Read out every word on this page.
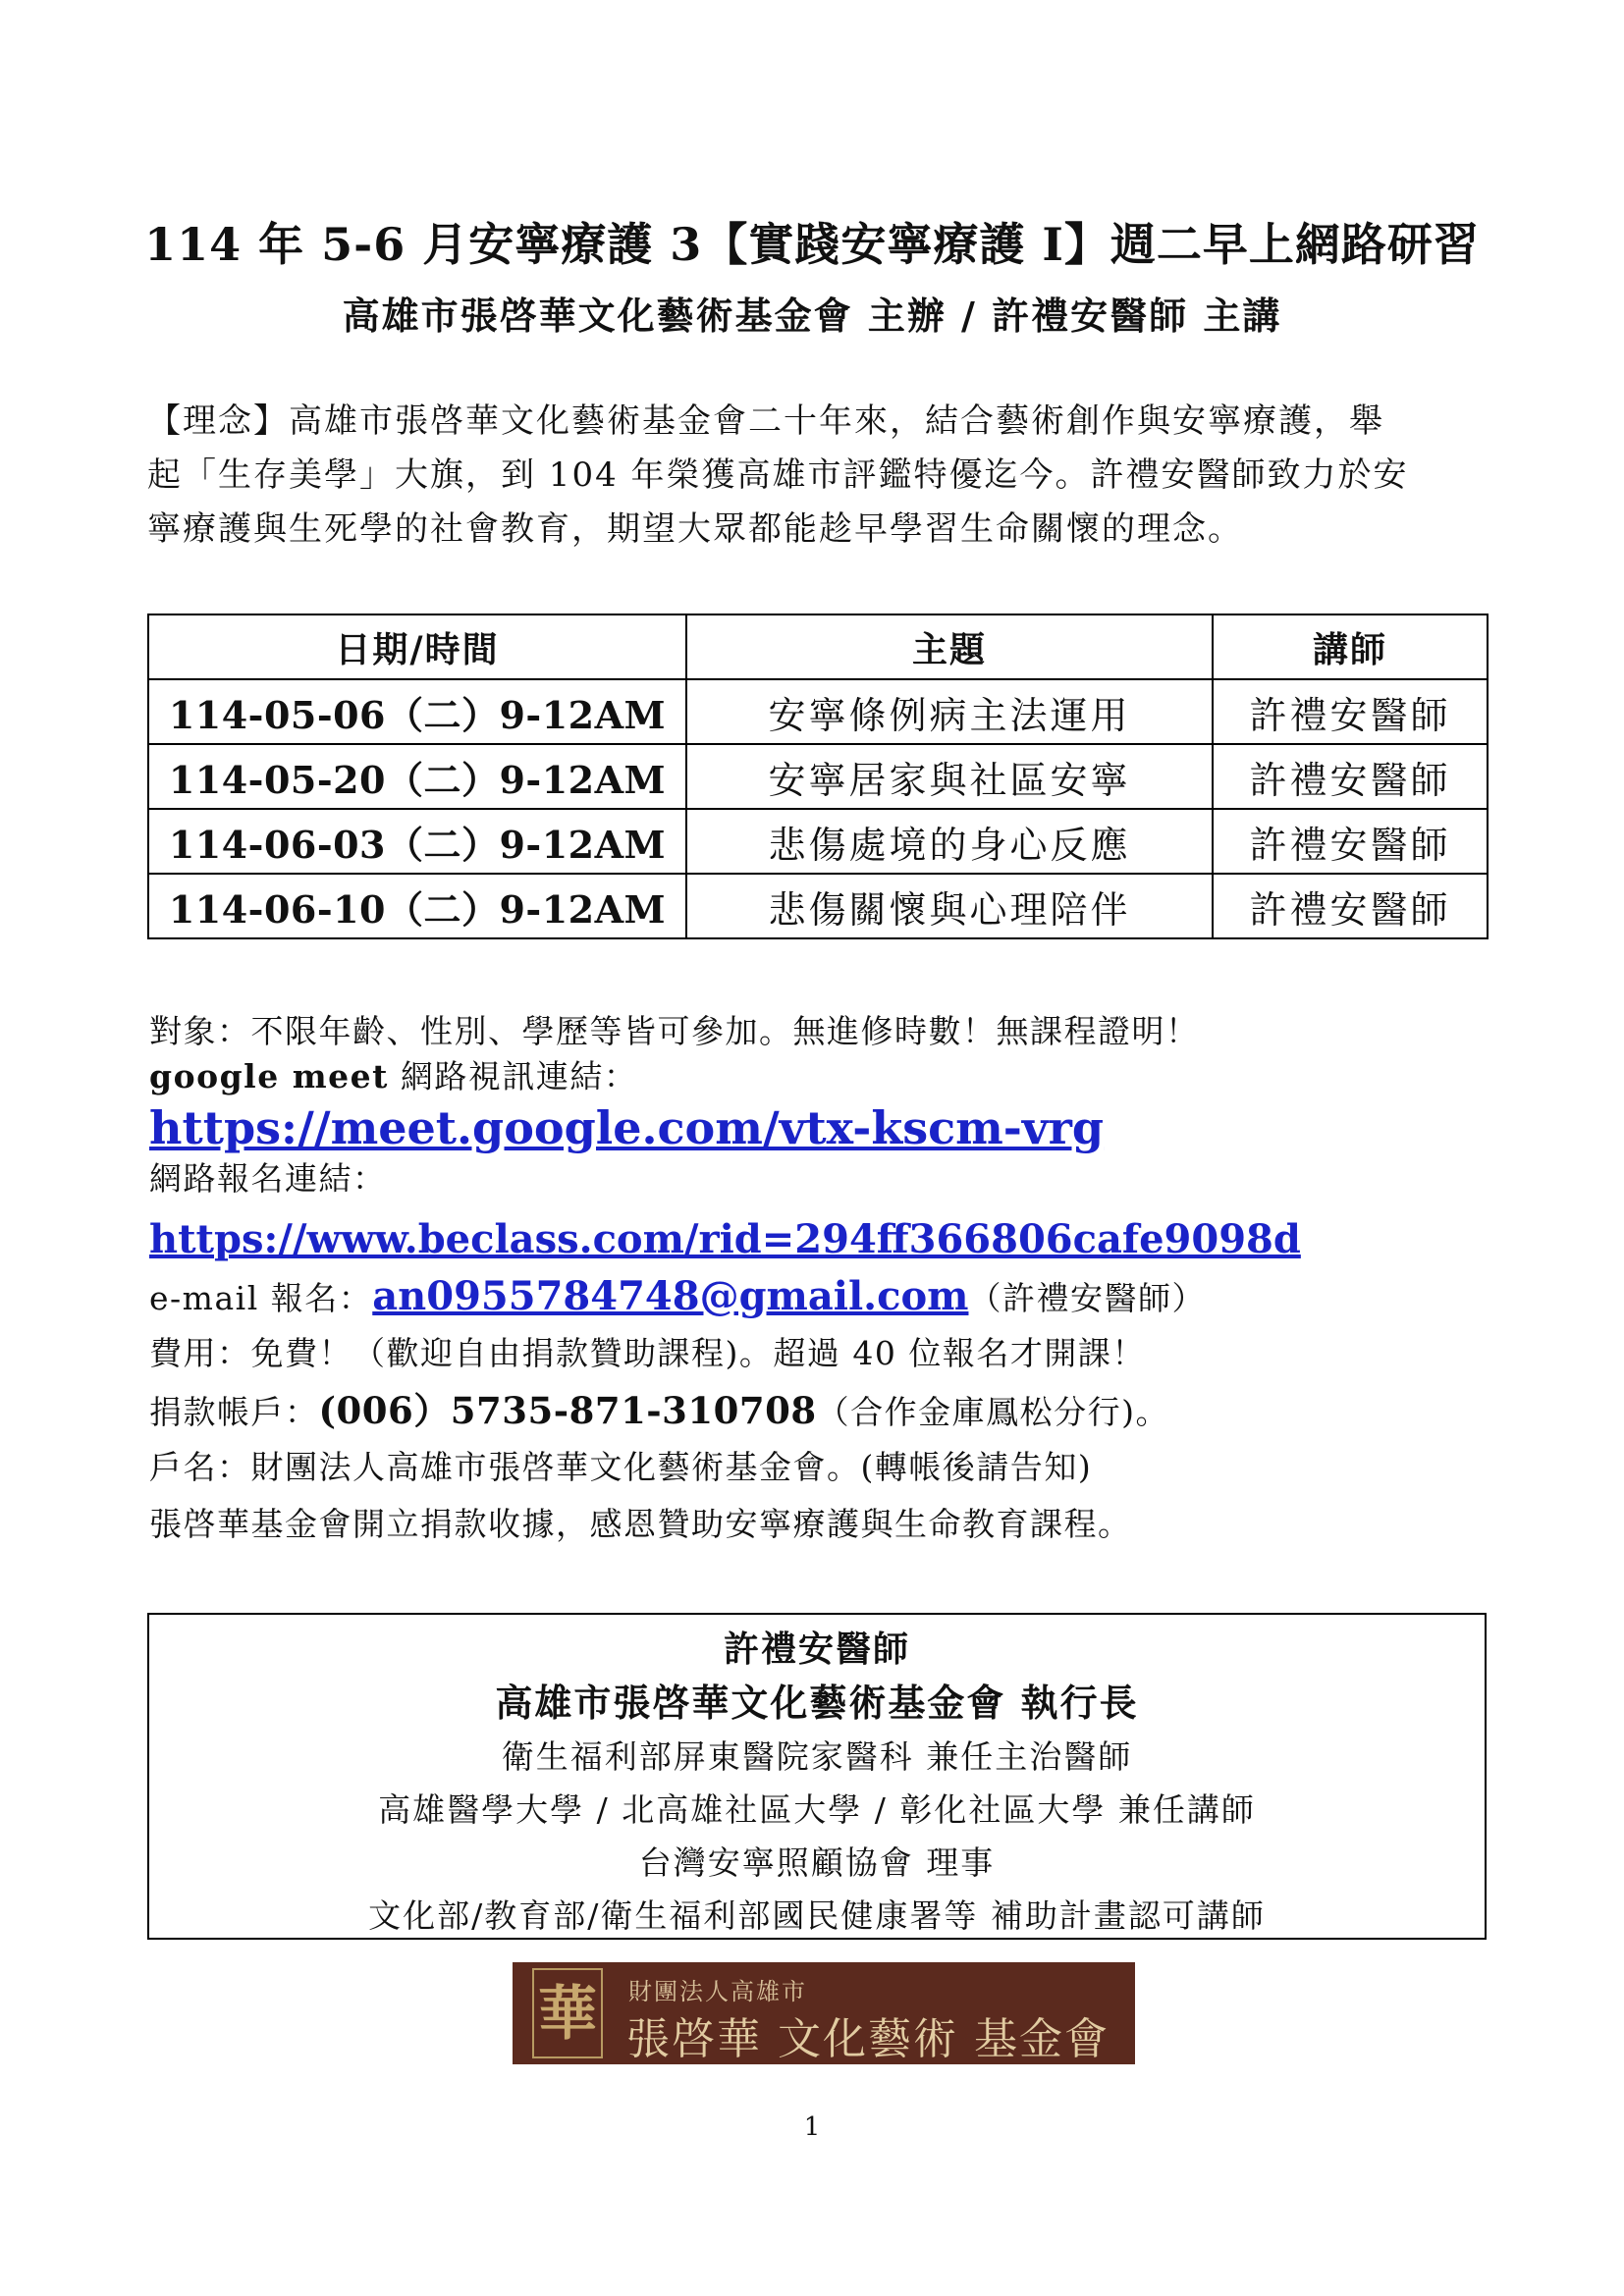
114 年 5-6 月安寧療護 3【實踐安寧療護 I】週二早上網路研習
高雄市張啓華文化藝術基金會 主辦 / 許禮安醫師 主講
【理念】高雄市張啓華文化藝術基金會二十年來，結合藝術創作與安寧療護，舉
起「生存美學」大旗，到 104 年榮獲高雄市評鑑特優迄今。許禮安醫師致力於安
寧療護與生死學的社會教育，期望大眾都能趁早學習生命關懷的理念。
日期/時間	主題	講師
114-05-06（二）9-12AM	安寧條例病主法運用	許禮安醫師
114-05-20（二）9-12AM	安寧居家與社區安寧	許禮安醫師
114-06-03（二）9-12AM	悲傷處境的身心反應	許禮安醫師
114-06-10（二）9-12AM	悲傷關懷與心理陪伴	許禮安醫師
對象：不限年齡、性別、學歷等皆可參加。無進修時數！無課程證明！
google meet 網路視訊連結：
https://meet.google.com/vtx-kscm-vrg
網路報名連結：
https://www.beclass.com/rid=294ff366806cafe9098d
e-mail 報名：an0955784748@gmail.com（許禮安醫師）
費用：免費！（歡迎自由捐款贊助課程)。超過 40 位報名才開課！
捐款帳戶：(006）5735-871-310708（合作金庫鳳松分行)。
戶名：財團法人高雄市張啓華文化藝術基金會。(轉帳後請告知)
張啓華基金會開立捐款收據，感恩贊助安寧療護與生命教育課程。
許禮安醫師
高雄市張啓華文化藝術基金會 執行長
衛生福利部屏東醫院家醫科 兼任主治醫師
高雄醫學大學 / 北高雄社區大學 / 彰化社區大學 兼任講師
台灣安寧照顧協會 理事
文化部/教育部/衛生福利部國民健康署等 補助計畫認可講師
華 財團法人高雄市
張啓華 文化藝術 基金會
1
